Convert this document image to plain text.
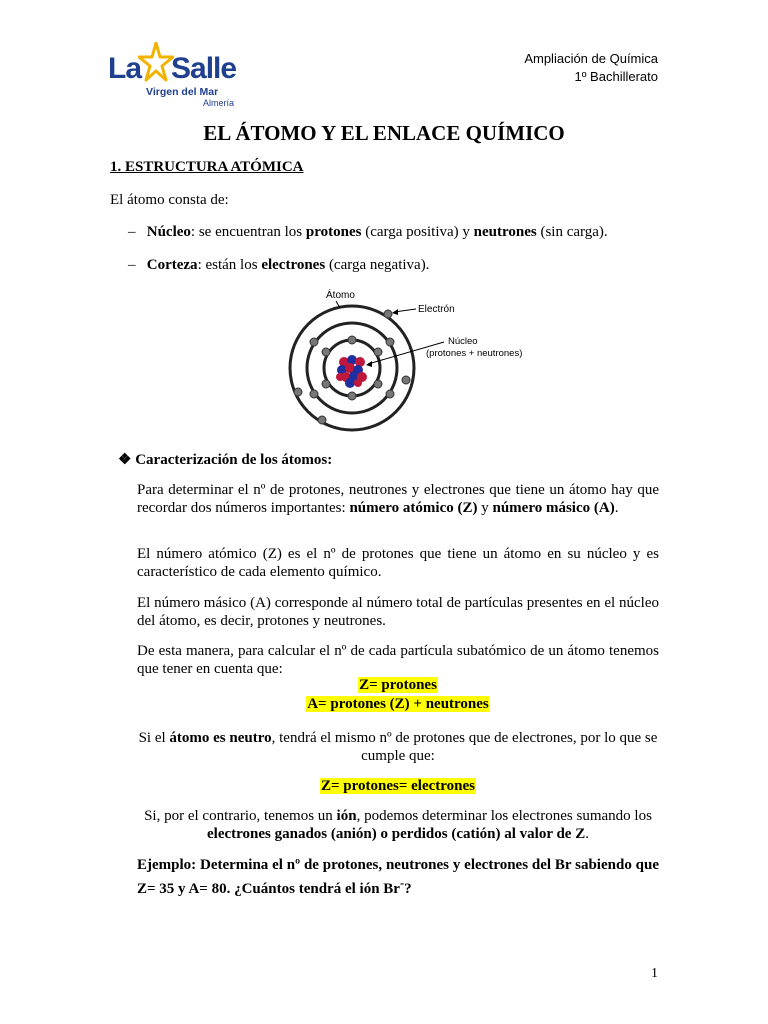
La Salle
Virgen del Mar
Almería
Ampliación de Química
1º Bachillerato
EL ÁTOMO Y EL ENLACE QUÍMICO
1. ESTRUCTURA ATÓMICA
El átomo consta de:
– Núcleo: se encuentran los protones (carga positiva) y neutrones (sin carga).
– Corteza: están los electrones (carga negativa).
Átomo
Electrón
Núcleo
(protones + neutrones)
❖ Caracterización de los átomos:
Para determinar el nº de protones, neutrones y electrones que tiene un átomo hay que recordar dos números importantes: número atómico (Z) y número másico (A).
El número atómico (Z) es el nº de protones que tiene un átomo en su núcleo y es característico de cada elemento químico.
El número másico (A) corresponde al número total de partículas presentes en el núcleo del átomo, es decir, protones y neutrones.
De esta manera, para calcular el nº de cada partícula subatómico de un átomo tenemos que tener en cuenta que:
Z= protones
A= protones (Z) + neutrones
Si el átomo es neutro, tendrá el mismo nº de protones que de electrones, por lo que se cumple que:
Z= protones= electrones
Si, por el contrario, tenemos un ión, podemos determinar los electrones sumando los electrones ganados (anión) o perdidos (catión) al valor de Z.
Ejemplo: Determina el nº de protones, neutrones y electrones del Br sabiendo que Z= 35 y A= 80. ¿Cuántos tendrá el ión Br-?
1
